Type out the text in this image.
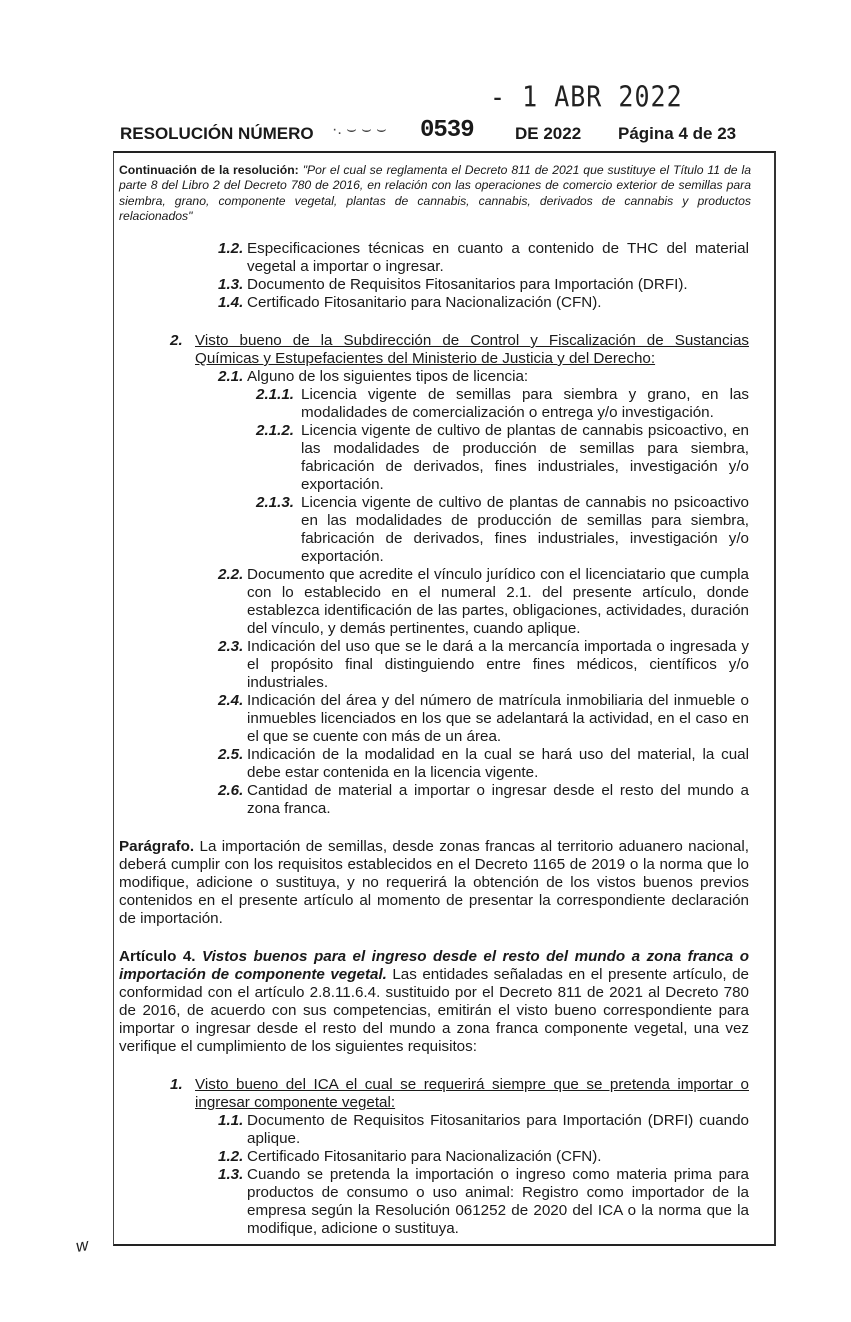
- 1 ABR 2022
RESOLUCIÓN NÚMERO ·. ⌣ ⌣ ⌣ 0539 DE 2022 Página 4 de 23
Continuación de la resolución: "Por el cual se reglamenta el Decreto 811 de 2021 que sustituye el Título 11 de la parte 8 del Libro 2 del Decreto 780 de 2016, en relación con las operaciones de comercio exterior de semillas para siembra, grano, componente vegetal, plantas de cannabis, cannabis, derivados de cannabis y productos relacionados"
1.2. Especificaciones técnicas en cuanto a contenido de THC del material vegetal a importar o ingresar.
1.3. Documento de Requisitos Fitosanitarios para Importación (DRFI).
1.4. Certificado Fitosanitario para Nacionalización (CFN).
2. Visto bueno de la Subdirección de Control y Fiscalización de Sustancias Químicas y Estupefacientes del Ministerio de Justicia y del Derecho:
2.1. Alguno de los siguientes tipos de licencia:
2.1.1. Licencia vigente de semillas para siembra y grano, en las modalidades de comercialización o entrega y/o investigación.
2.1.2. Licencia vigente de cultivo de plantas de cannabis psicoactivo, en las modalidades de producción de semillas para siembra, fabricación de derivados, fines industriales, investigación y/o exportación.
2.1.3. Licencia vigente de cultivo de plantas de cannabis no psicoactivo en las modalidades de producción de semillas para siembra, fabricación de derivados, fines industriales, investigación y/o exportación.
2.2. Documento que acredite el vínculo jurídico con el licenciatario que cumpla con lo establecido en el numeral 2.1. del presente artículo, donde establezca identificación de las partes, obligaciones, actividades, duración del vínculo, y demás pertinentes, cuando aplique.
2.3. Indicación del uso que se le dará a la mercancía importada o ingresada y el propósito final distinguiendo entre fines médicos, científicos y/o industriales.
2.4. Indicación del área y del número de matrícula inmobiliaria del inmueble o inmuebles licenciados en los que se adelantará la actividad, en el caso en el que se cuente con más de un área.
2.5. Indicación de la modalidad en la cual se hará uso del material, la cual debe estar contenida en la licencia vigente.
2.6. Cantidad de material a importar o ingresar desde el resto del mundo a zona franca.
Parágrafo. La importación de semillas, desde zonas francas al territorio aduanero nacional, deberá cumplir con los requisitos establecidos en el Decreto 1165 de 2019 o la norma que lo modifique, adicione o sustituya, y no requerirá la obtención de los vistos buenos previos contenidos en el presente artículo al momento de presentar la correspondiente declaración de importación.
Artículo 4. Vistos buenos para el ingreso desde el resto del mundo a zona franca o importación de componente vegetal. Las entidades señaladas en el presente artículo, de conformidad con el artículo 2.8.11.6.4. sustituido por el Decreto 811 de 2021 al Decreto 780 de 2016, de acuerdo con sus competencias, emitirán el visto bueno correspondiente para importar o ingresar desde el resto del mundo a zona franca componente vegetal, una vez verifique el cumplimiento de los siguientes requisitos:
1. Visto bueno del ICA el cual se requerirá siempre que se pretenda importar o ingresar componente vegetal:
1.1. Documento de Requisitos Fitosanitarios para Importación (DRFI) cuando aplique.
1.2. Certificado Fitosanitario para Nacionalización (CFN).
1.3. Cuando se pretenda la importación o ingreso como materia prima para productos de consumo o uso animal: Registro como importador de la empresa según la Resolución 061252 de 2020 del ICA o la norma que la modifique, adicione o sustituya.
ᴡ
